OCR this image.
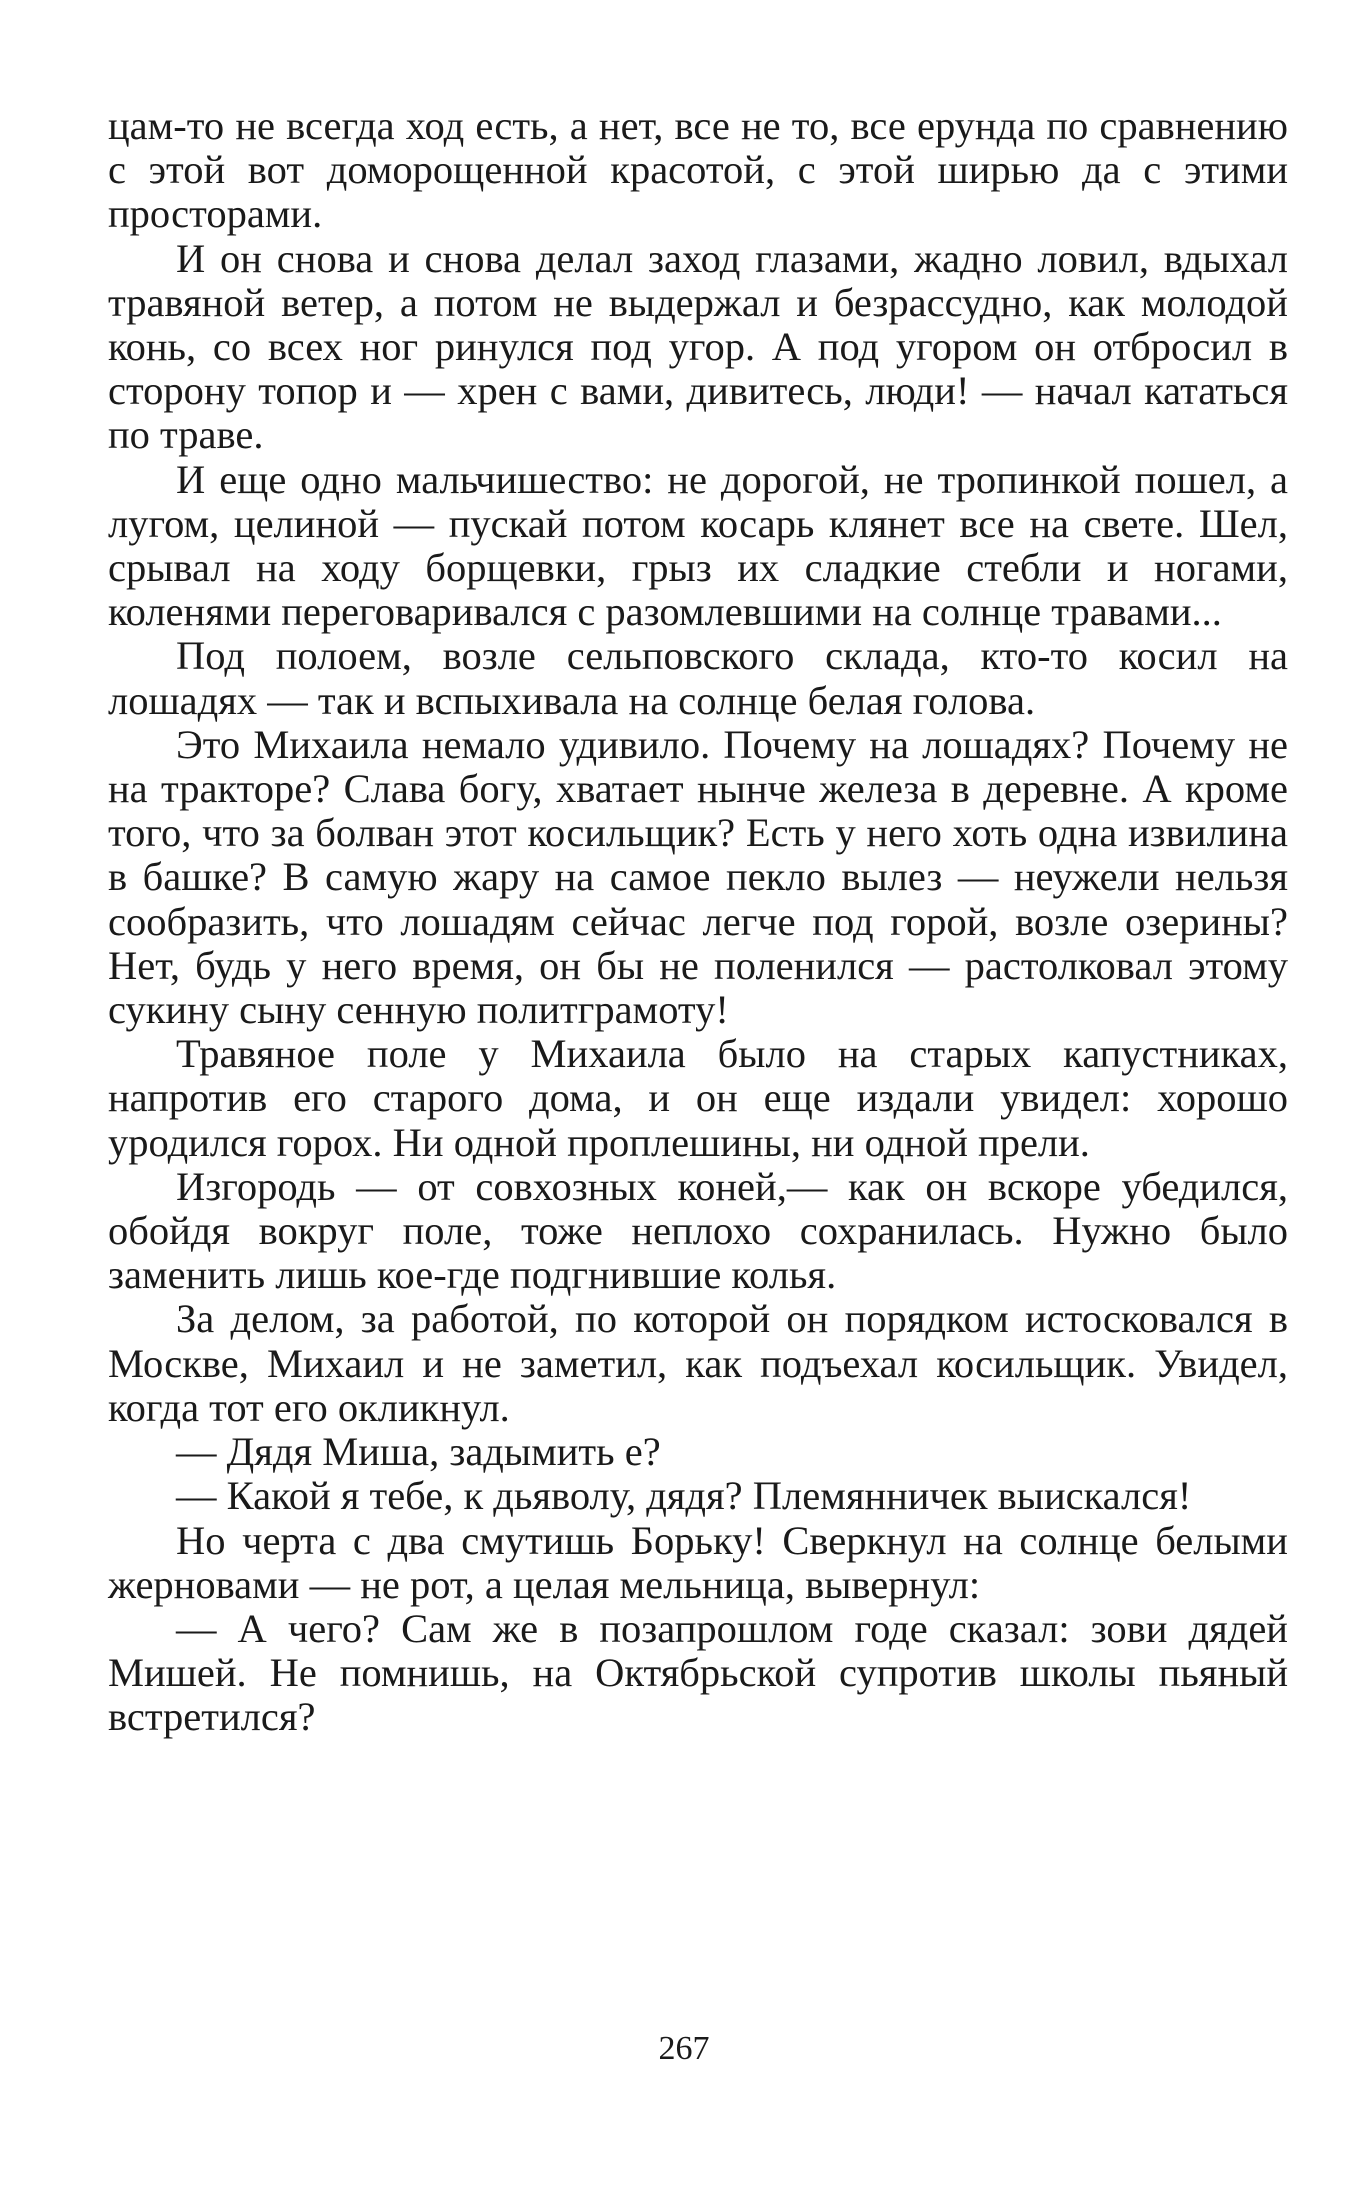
цам-то не всегда ход есть, а нет, все не то, все ерунда по сравнению с этой вот доморощенной красотой, с этой ширью да с этими просторами.

И он снова и снова делал заход глазами, жадно ловил, вдыхал травяной ветер, а потом не выдержал и безрассудно, как молодой конь, со всех ног ринулся под угор. А под угором он отбросил в сторону топор и — хрен с вами, дивитесь, люди! — начал кататься по траве.

И еще одно мальчишество: не дорогой, не тропинкой пошел, а лугом, целиной — пускай потом косарь клянет все на свете. Шел, срывал на ходу борщевки, грыз их сладкие стебли и ногами, коленями переговаривался с разомлевшими на солнце травами...

Под полоем, возле сельповского склада, кто-то косил на лошадях — так и вспыхивала на солнце белая голова.

Это Михаила немало удивило. Почему на лошадях? Почему не на тракторе? Слава богу, хватает нынче железа в деревне. А кроме того, что за болван этот косильщик? Есть у него хоть одна извилина в башке? В самую жару на самое пекло вылез — неужели нельзя сообразить, что лошадям сейчас легче под горой, возле озерины? Нет, будь у него время, он бы не поленился — растолковал этому сукину сыну сенную политграмоту!

Травяное поле у Михаила было на старых капустниках, напротив его старого дома, и он еще издали увидел: хорошо уродился горох. Ни одной проплешины, ни одной прели.

Изгородь — от совхозных коней,— как он вскоре убедился, обойдя вокруг поле, тоже неплохо сохранилась. Нужно было заменить лишь кое-где подгнившие колья.

За делом, за работой, по которой он порядком истосковался в Москве, Михаил и не заметил, как подъехал косильщик. Увидел, когда тот его окликнул.

— Дядя Миша, задымить е?

— Какой я тебе, к дьяволу, дядя? Племянничек выискался!

Но черта с два смутишь Борьку! Сверкнул на солнце белыми жерновами — не рот, а целая мельница, вывернул:

— А чего? Сам же в позапрошлом годе сказал: зови дядей Мишей. Не помнишь, на Октябрьской супротив школы пьяный встретился?

267
